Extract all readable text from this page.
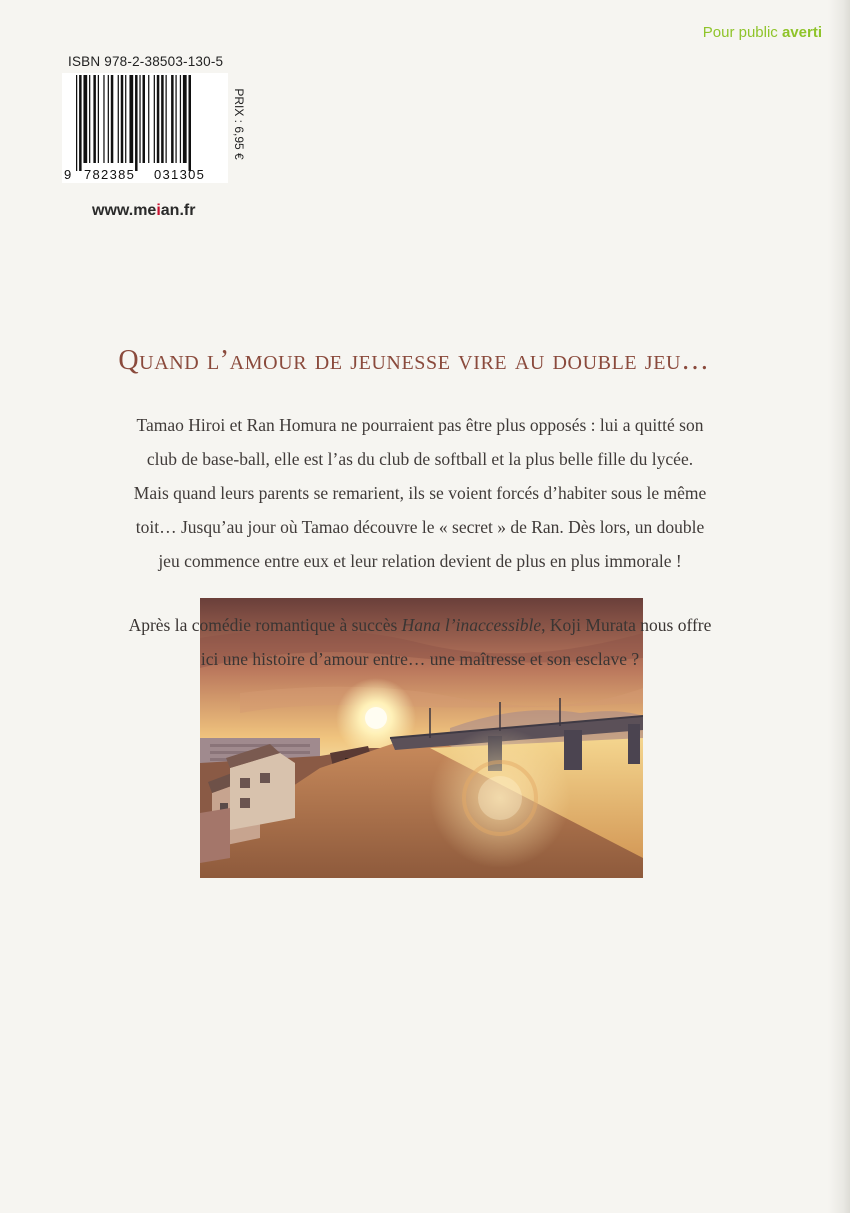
Pour public averti
ISBN 978-2-38503-130-5
9 782385 031305
PRIX : 6,95 €
www.meian.fr
Quand l’amour de jeunesse vire au double jeu…
Tamao Hiroi et Ran Homura ne pourraient pas être plus opposés : lui a quitté son
club de base-ball, elle est l’as du club de softball et la plus belle fille du lycée.
Mais quand leurs parents se remarient, ils se voient forcés d’habiter sous le même
toit… Jusqu’au jour où Tamao découvre le « secret » de Ran. Dès lors, un double
jeu commence entre eux et leur relation devient de plus en plus immorale !
Après la comédie romantique à succès Hana l’inaccessible, Koji Murata nous offre
ici une histoire d’amour entre… une maîtresse et son esclave ?
